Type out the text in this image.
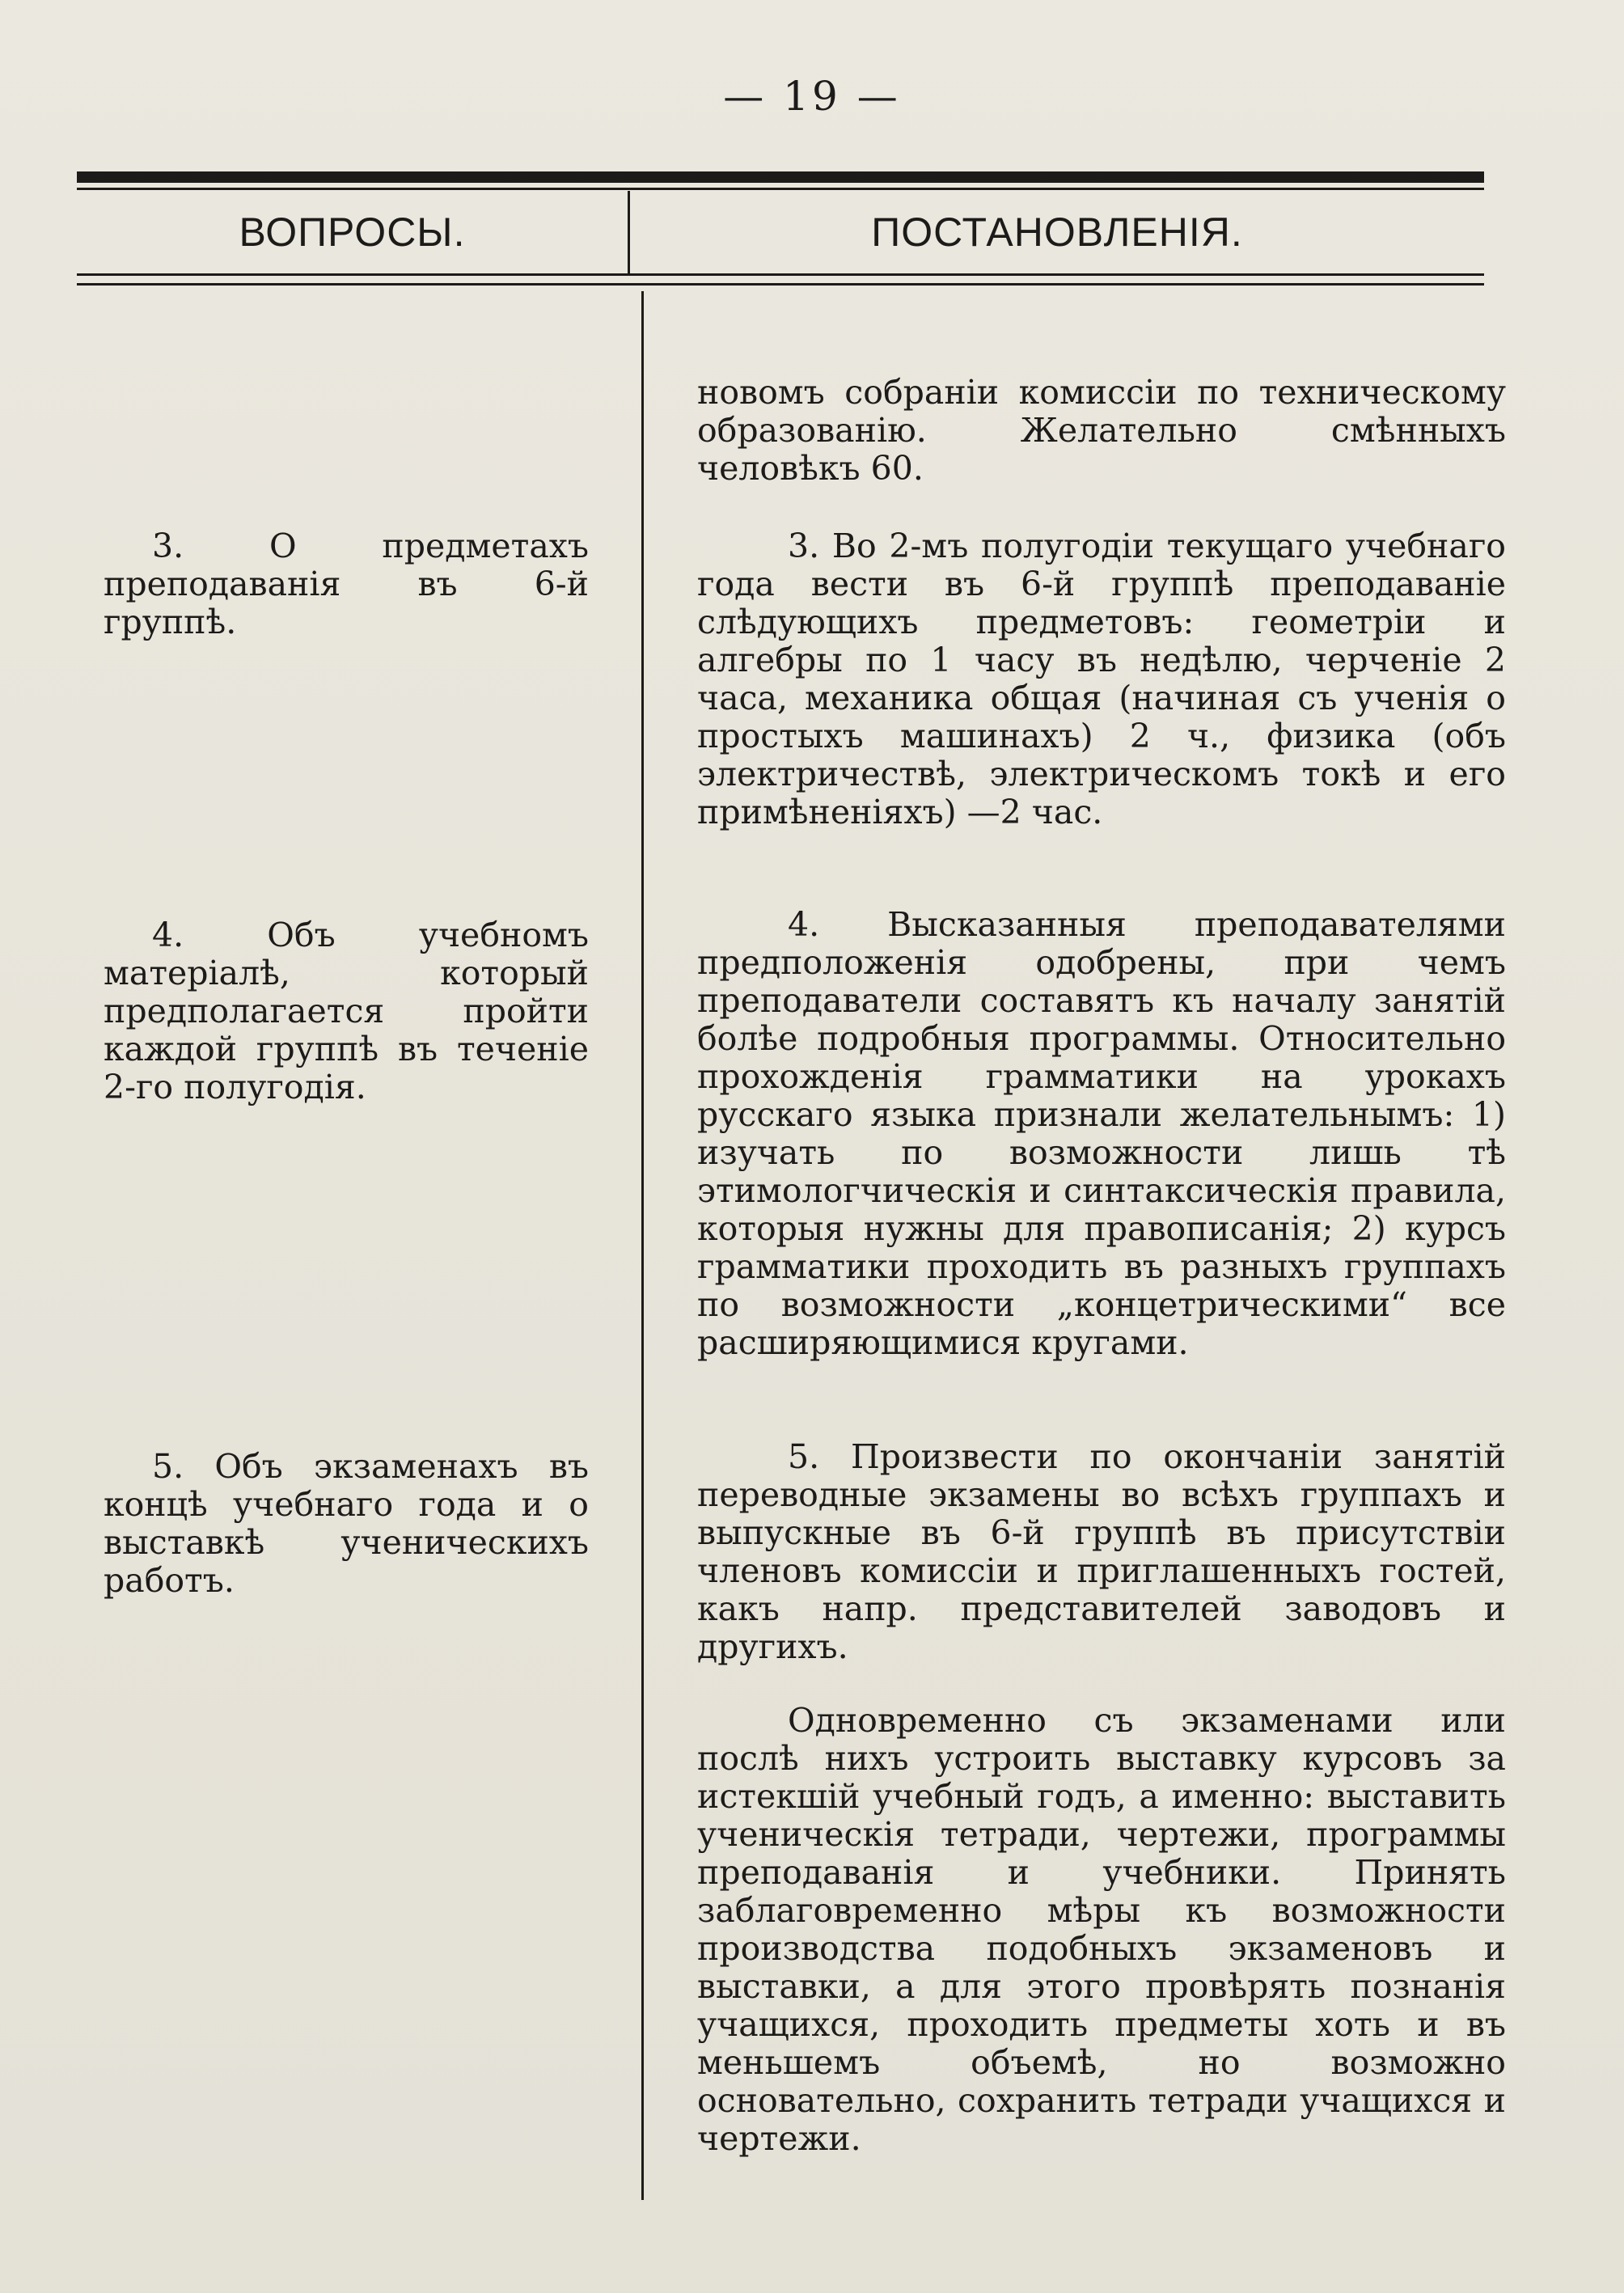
— 19 —
ВОПРОСЫ.	ПОСТАНОВЛЕНІЯ.
3. О предметахъ преподаванія въ 6-й группѣ.
4. Объ учебномъ матеріалѣ, который предполагается пройти каждой группѣ въ теченіе 2-го полугодія.
5. Объ экзаменахъ въ концѣ учебнаго года и о выставкѣ ученическихъ работъ.
новомъ собраніи комиссіи по техническому образованію. Желательно смѣнныхъ человѣкъ 60.
3. Во 2-мъ полугодіи текущаго учебнаго года вести въ 6-й группѣ преподаваніе слѣдующихъ предметовъ: геометріи и алгебры по 1 часу въ недѣлю, черченіе 2 часа, механика общая (начиная съ ученія о простыхъ машинахъ) 2 ч., физика (объ электричествѣ, электрическомъ токѣ и его примѣненіяхъ) —2 час.
4. Высказанныя преподавателями предположенія одобрены, при чемъ преподаватели составятъ къ началу занятій болѣе подробныя программы. Относительно прохожденія грамматики на урокахъ русскаго языка признали желательнымъ: 1) изучать по возможности лишь тѣ этимологчическія и синтаксическія правила, которыя нужны для правописанія; 2) курсъ грамматики проходить въ разныхъ группахъ по возможности „концетрическими“ все расширяющимися кругами.
5. Произвести по окончаніи занятій переводные экзамены во всѣхъ группахъ и выпускные въ 6-й группѣ въ присутствіи членовъ комиссіи и приглашенныхъ гостей, какъ напр. представителей заводовъ и другихъ.
Одновременно съ экзаменами или послѣ нихъ устроить выставку курсовъ за истекшій учебный годъ, а именно: выставить ученическія тетради, чертежи, программы преподаванія и учебники. Принять заблаговременно мѣры къ возможности производства подобныхъ экзаменовъ и выставки, а для этого провѣрять познанія учащихся, проходить предметы хоть и въ меньшемъ объемѣ, но возможно основательно, сохранить тетради учащихся и чертежи.
